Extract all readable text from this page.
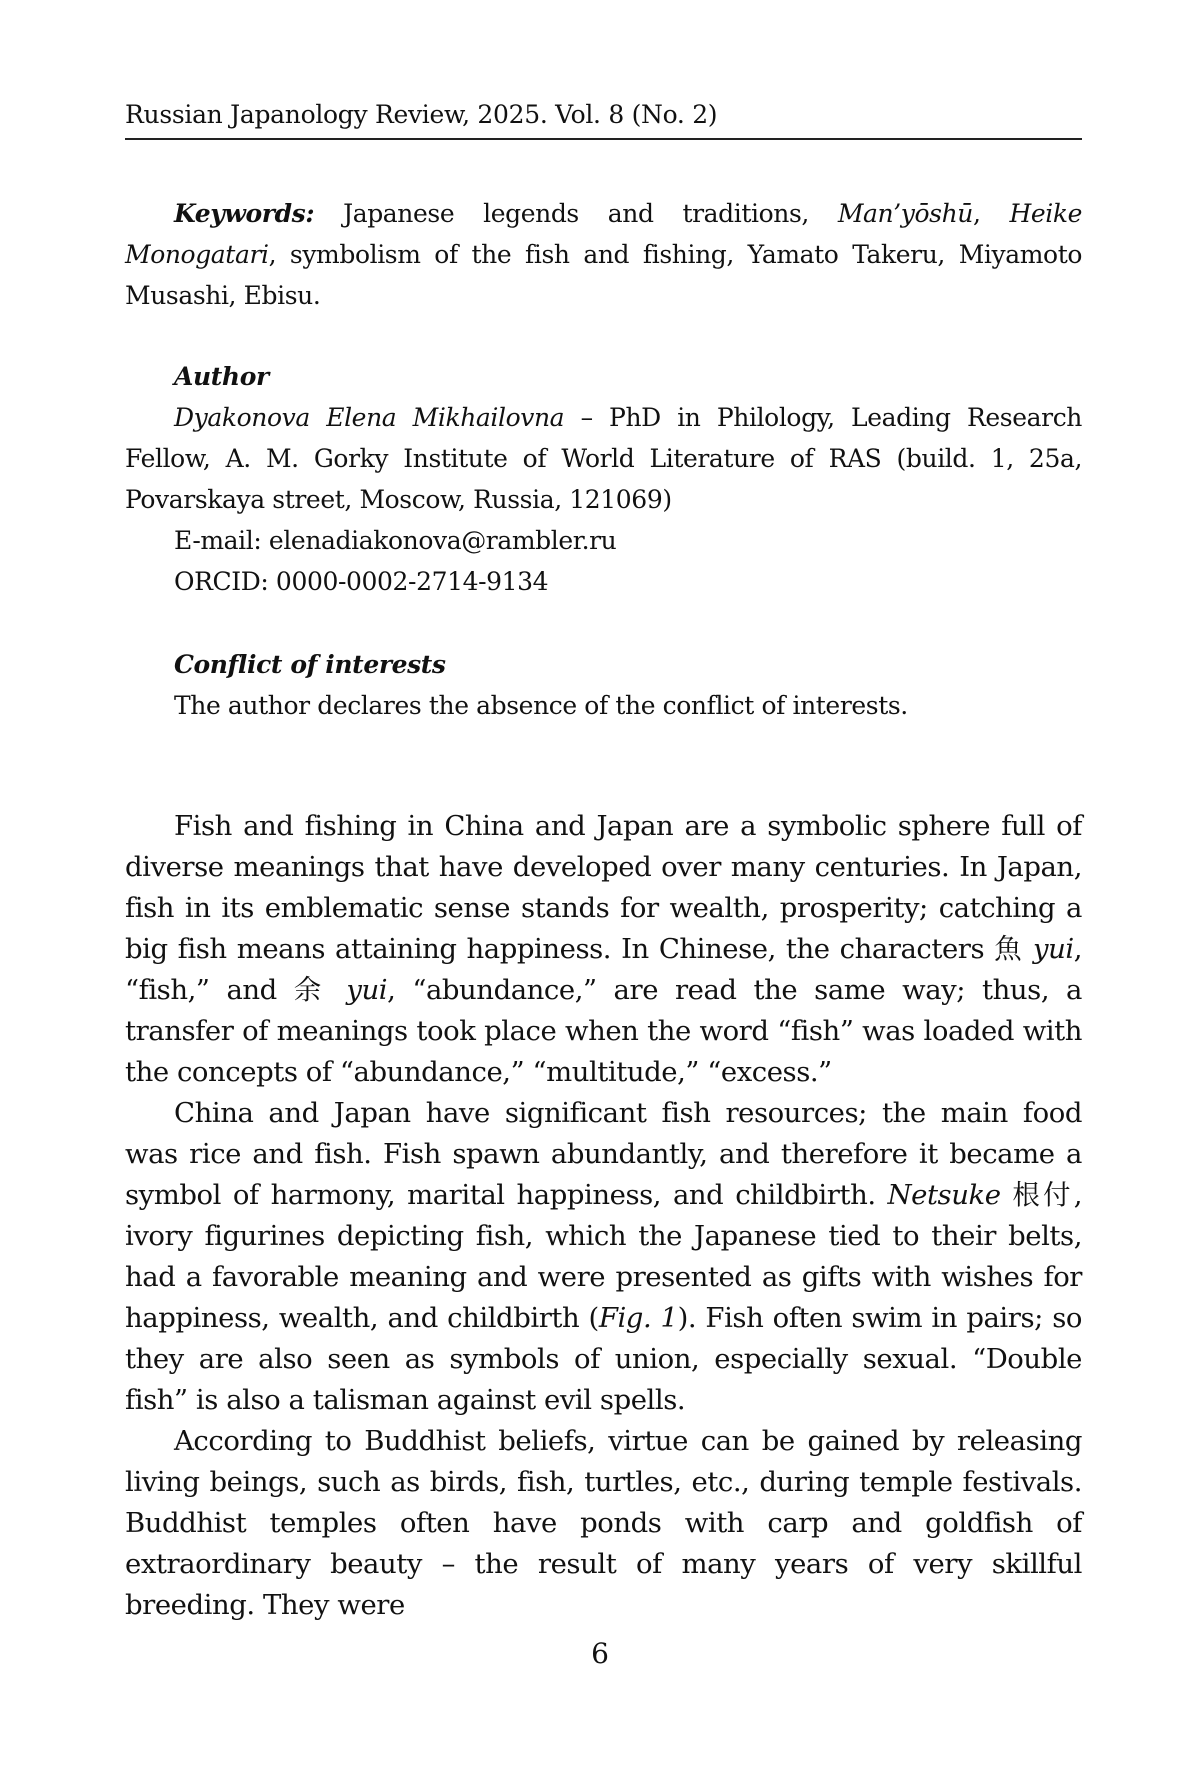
Russian Japanology Review, 2025. Vol. 8 (No. 2)

Keywords: Japanese legends and traditions, Man’yōshū, Heike Monogatari, symbolism of the fish and fishing, Yamato Takeru, Miyamoto Musashi, Ebisu.

Author

Dyakonova Elena Mikhailovna – PhD in Philology, Leading Research Fellow, A. M. Gorky Institute of World Literature of RAS (build. 1, 25a, Povarskaya street, Moscow, Russia, 121069)

E-mail: elenadiakonova@rambler.ru

ORCID: 0000-0002-2714-9134

Conflict of interests

The author declares the absence of the conflict of interests.

Fish and fishing in China and Japan are a symbolic sphere full of diverse meanings that have developed over many centuries. In Japan, fish in its emblematic sense stands for wealth, prosperity; catching a big fish means attaining happiness. In Chinese, the characters 魚 yui, “fish,” and 余 yui, “abundance,” are read the same way; thus, a transfer of meanings took place when the word “fish” was loaded with the concepts of “abundance,” “multitude,” “excess.”

China and Japan have significant fish resources; the main food was rice and fish. Fish spawn abundantly, and therefore it became a symbol of harmony, marital happiness, and childbirth. Netsuke 根付, ivory figurines depicting fish, which the Japanese tied to their belts, had a favorable meaning and were presented as gifts with wishes for happiness, wealth, and childbirth (Fig. 1). Fish often swim in pairs; so they are also seen as symbols of union, especially sexual. “Double fish” is also a talisman against evil spells.

According to Buddhist beliefs, virtue can be gained by releasing living beings, such as birds, fish, turtles, etc., during temple festivals. Buddhist temples often have ponds with carp and goldfish of extraordinary beauty – the result of many years of very skillful breeding. They were

6
